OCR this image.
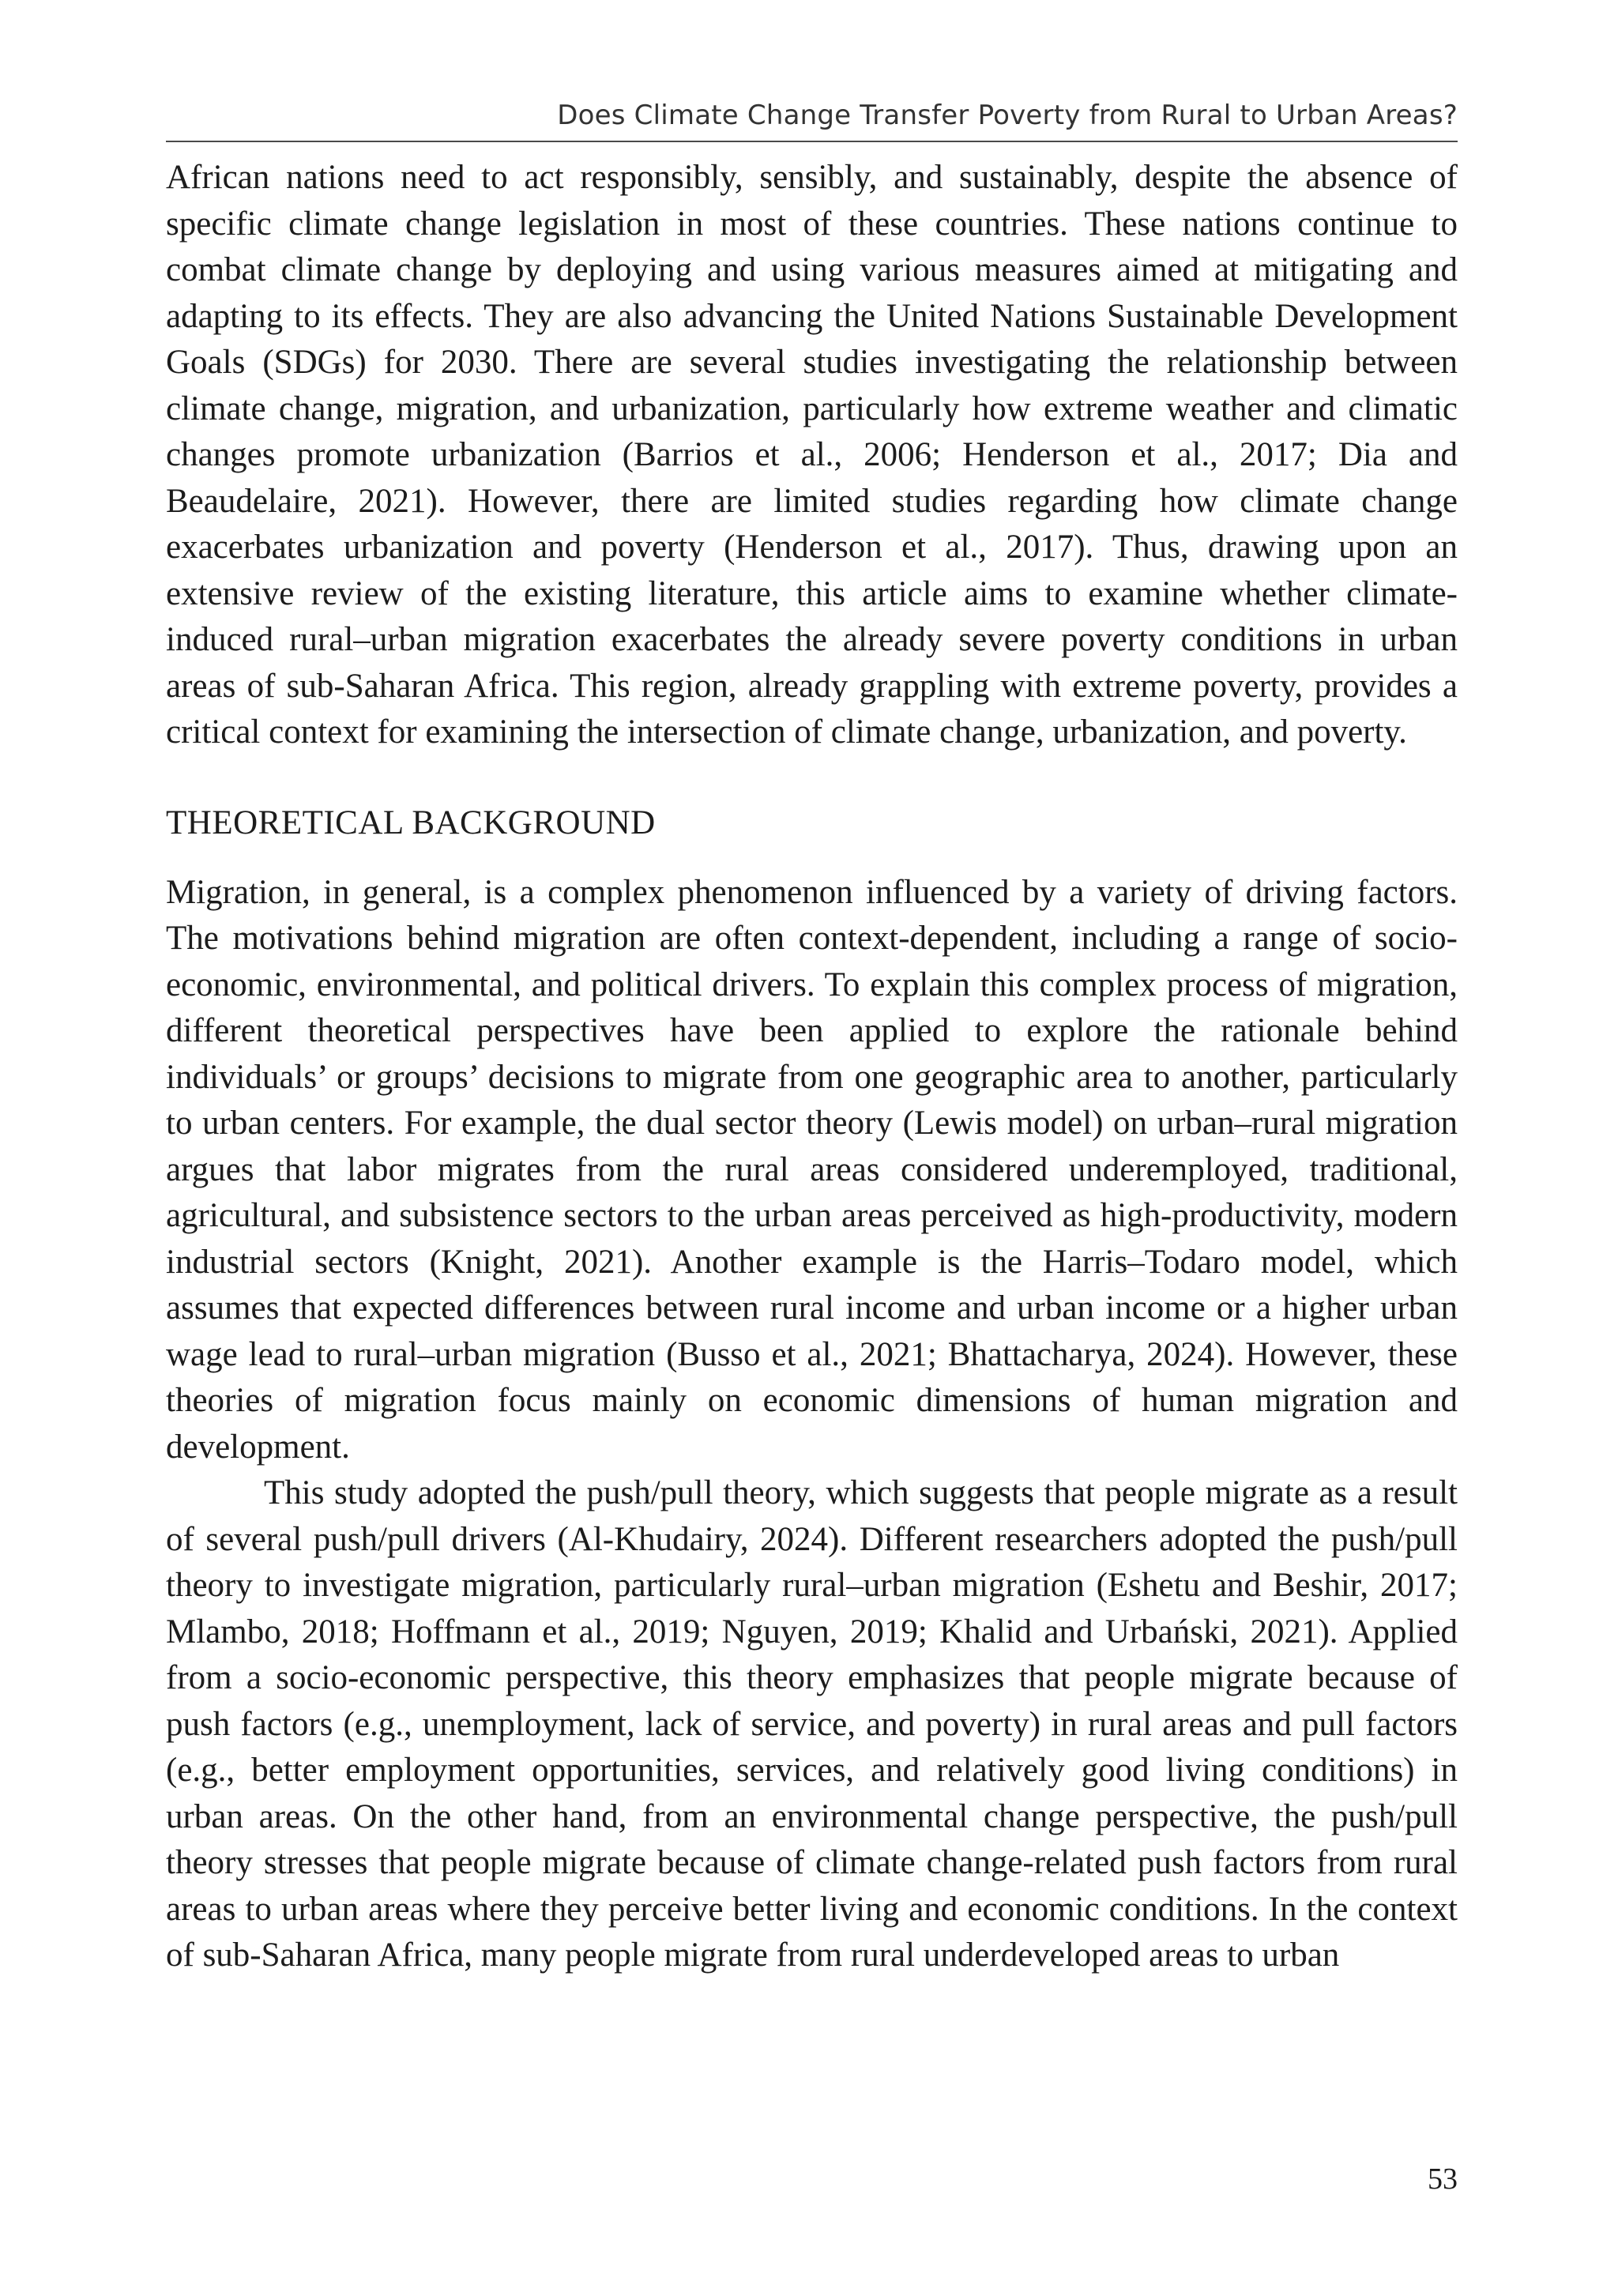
Does Climate Change Transfer Poverty from Rural to Urban Areas?

African nations need to act responsibly, sensibly, and sustainably, despite the absence of specific climate change legislation in most of these countries. These nations continue to combat climate change by deploying and using various measures aimed at mitigating and adapting to its effects. They are also advancing the United Nations Sustainable Development Goals (SDGs) for 2030. There are several studies investigating the relationship between climate change, migration, and urbanization, particularly how extreme weather and climatic changes promote urbanization (Barrios et al., 2006; Henderson et al., 2017; Dia and Beaudelaire, 2021). However, there are limited studies regarding how climate change exacerbates urbanization and poverty (Henderson et al., 2017). Thus, drawing upon an extensive review of the existing literature, this article aims to examine whether climate-induced rural–urban migration exacerbates the already severe poverty conditions in urban areas of sub-Saharan Africa. This region, already grappling with extreme poverty, provides a critical context for examining the intersection of climate change, urbanization, and poverty.

THEORETICAL BACKGROUND

Migration, in general, is a complex phenomenon influenced by a variety of driving factors. The motivations behind migration are often context-dependent, including a range of socio-economic, environmental, and political drivers. To explain this complex process of migration, different theoretical perspectives have been applied to explore the rationale behind individuals’ or groups’ decisions to migrate from one geographic area to another, particularly to urban centers. For example, the dual sector theory (Lewis model) on urban–rural migration argues that labor migrates from the rural areas considered underemployed, traditional, agricultural, and subsistence sectors to the urban areas perceived as high-productivity, modern industrial sectors (Knight, 2021). Another example is the Harris–Todaro model, which assumes that expected differences between rural income and urban income or a higher urban wage lead to rural–urban migration (Busso et al., 2021; Bhattacharya, 2024). However, these theories of migration focus mainly on economic dimensions of human migration and development.

This study adopted the push/pull theory, which suggests that people migrate as a result of several push/pull drivers (Al-Khudairy, 2024). Different researchers adopted the push/pull theory to investigate migration, particularly rural–urban migration (Eshetu and Beshir, 2017; Mlambo, 2018; Hoffmann et al., 2019; Nguyen, 2019; Khalid and Urbański, 2021). Applied from a socio-economic perspective, this theory emphasizes that people migrate because of push factors (e.g., unemployment, lack of service, and poverty) in rural areas and pull factors (e.g., better employment opportunities, services, and relatively good living conditions) in urban areas. On the other hand, from an environmental change perspective, the push/pull theory stresses that people migrate because of climate change-related push factors from rural areas to urban areas where they perceive better living and economic conditions. In the context of sub-Saharan Africa, many people migrate from rural underdeveloped areas to urban

53
